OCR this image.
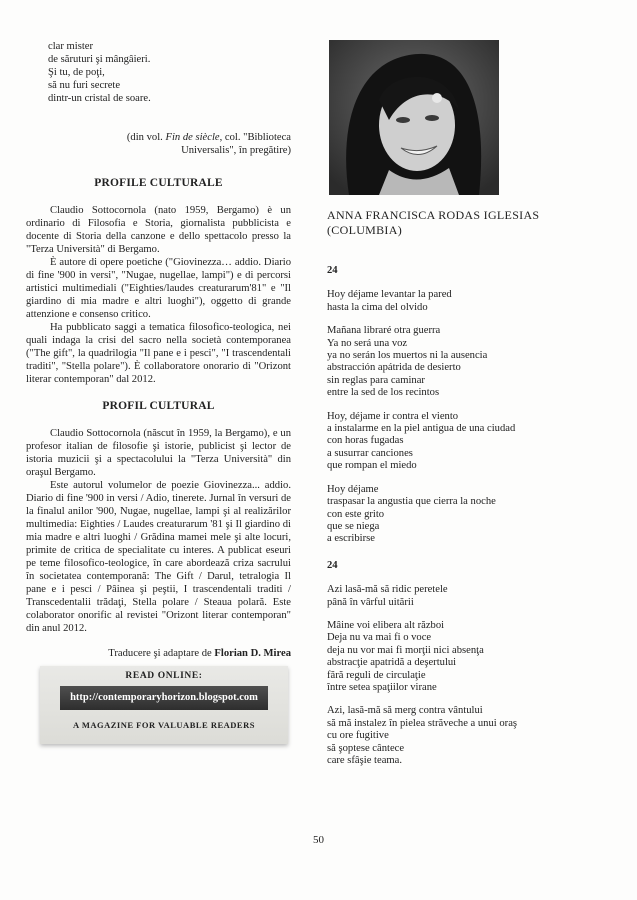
clar mister
de săruturi şi mângâieri.
Şi tu, de poţi,
să nu furi secrete
dintr-un cristal de soare.
(din vol. Fin de siècle, col. "Biblioteca
Universalis", în pregătire)
PROFILE CULTURALE

Claudio Sottocornola (nato 1959, Bergamo) è un ordinario di Filosofia e Storia, giornalista pubblicista e docente di Storia della canzone e dello spettacolo presso la "Terza Università" di Bergamo.

È autore di opere poetiche ("Giovinezza… addio. Diario di fine '900 in versi", "Nugae, nugellae, lampi") e di percorsi artistici multimediali ("Eighties/laudes creaturarum'81" e "Il giardino di mia madre e altri luoghi"), oggetto di grande attenzione e consenso critico.

Ha pubblicato saggi a tematica filosofico-teologica, nei quali indaga la crisi del sacro nella società contemporanea ("The gift", la quadrilogia "Il pane e i pesci", "I trascendentali traditi", "Stella polare"). È collaboratore onorario di "Orizont literar contemporan" dal 2012.

PROFIL CULTURAL

Claudio Sottocornola (născut în 1959, la Bergamo), e un profesor italian de filosofie şi istorie, publicist şi lector de istoria muzicii şi a spectacolului la "Terza Università" din oraşul Bergamo.

Este autorul volumelor de poezie Giovinezza... addio. Diario di fine '900 in versi / Adio, tinerete. Jurnal în versuri de la finalul anilor '900, Nugae, nugellae, lampi şi al realizărilor multimedia: Eighties / Laudes creaturarum '81 şi Il giardino di mia madre e altri luoghi / Grădina mamei mele şi alte locuri, primite de critica de specialitate cu interes. A publicat eseuri pe teme filosofico-teologice, în care abordează criza sacrului în societatea contemporană: The Gift / Darul, tetralogia Il pane e i pesci / Pâinea şi peştii, I trascendentali traditi / Transcedentalii trădaţi, Stella polare / Steaua polară. Este colaborator onorific al revistei "Orizont literar contemporan" din anul 2012.

Traducere şi adaptare de Florian D. Mirea
READ ONLINE:
http://contemporaryhorizon.blogspot.com
A MAGAZINE FOR VALUABLE READERS
ANNA FRANCISCA RODAS IGLESIAS
(COLUMBIA)
24
Hoy déjame levantar la pared
hasta la cima del olvido
Mañana libraré otra guerra
Ya no será una voz
ya no serán los muertos ni la ausencia
abstracción apátrida de desierto
sin reglas para caminar
entre la sed de los recintos
Hoy, déjame ir contra el viento
a instalarme en la piel antigua de una ciudad
con horas fugadas
a susurrar canciones
que rompan el miedo
Hoy déjame
traspasar la angustia que cierra la noche
con este grito
que se niega
a escribirse
24
Azi lasă-mă să ridic peretele
până în vârful uitării
Mâine voi elibera alt război
Deja nu va mai fi o voce
deja nu vor mai fi morţii nici absenţa
abstracţie apatridă a deşertului
fără reguli de circulaţie
între setea spaţiilor virane
Azi, lasă-mă să merg contra vântului
să mă instalez în pielea străveche a unui oraş
cu ore fugitive
să şoptese cântece
care sfâşie teama.
50
